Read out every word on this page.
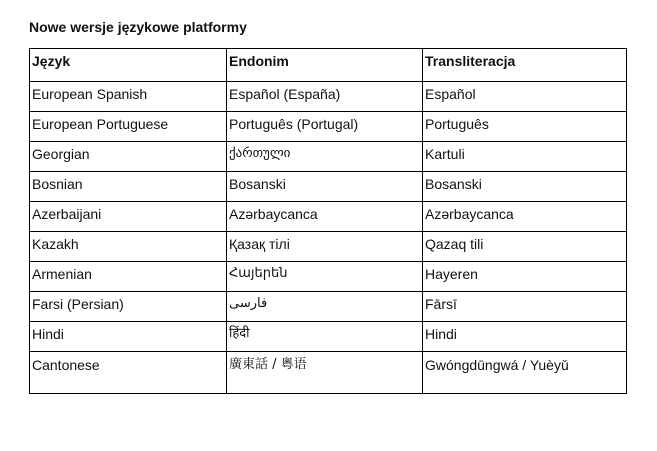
Nowe wersje językowe platformy
Język	Endonim	Transliteracja
European Spanish	Español (España)	Español
European Portuguese	Português (Portugal)	Português
Georgian	ქართული	Kartuli
Bosnian	Bosanski	Bosanski
Azerbaijani	Azərbaycanca	Azərbaycanca
Kazakh	Қазақ тілі	Qazaq tili
Armenian	Հայերեն	Hayeren
Farsi (Persian)	فارسی	Fārsī
Hindi	हिंदी	Hindi
Cantonese	廣東話 / 粵语	Gwóngdūngwá / Yuèyǔ
